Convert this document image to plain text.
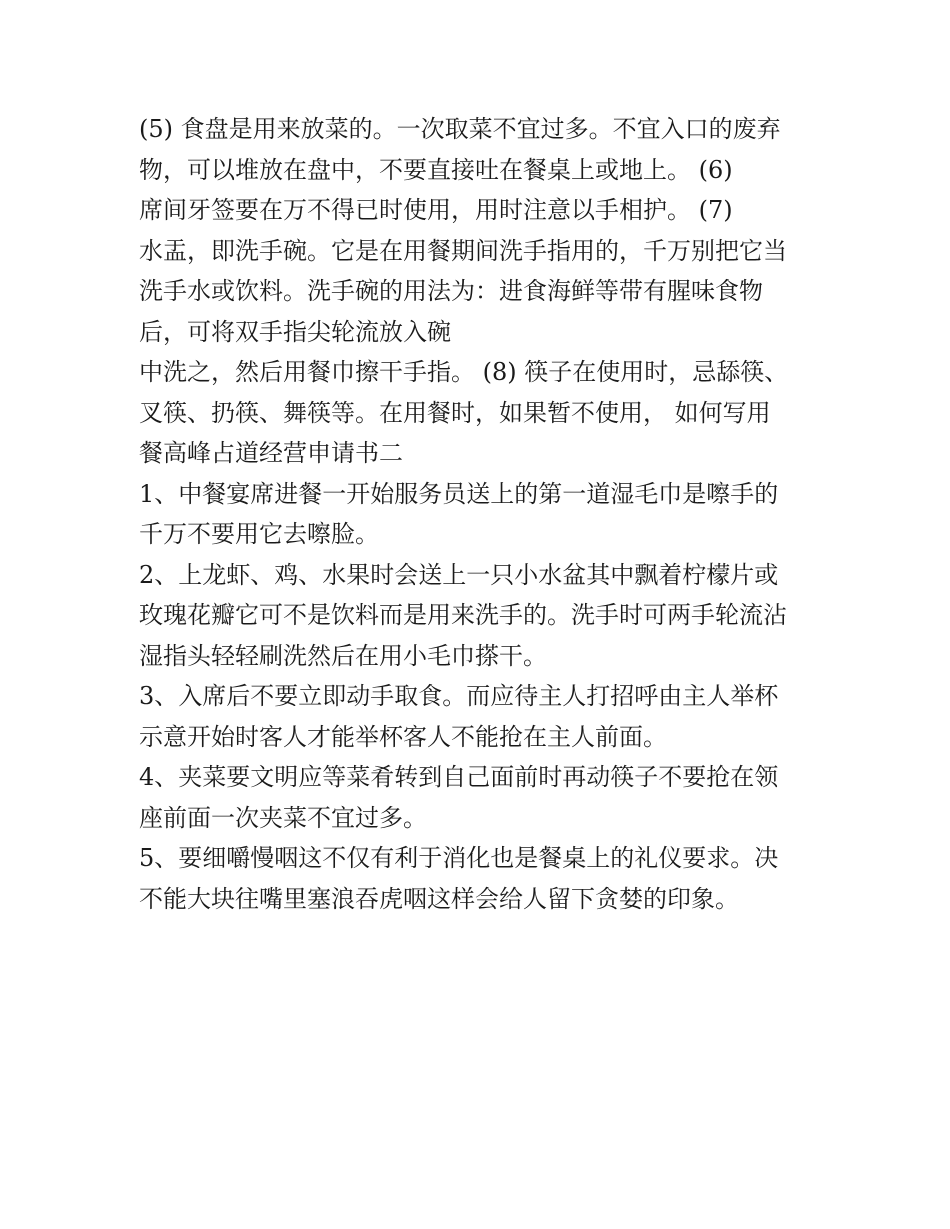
(5) 食盘是用来放菜的。一次取菜不宜过多。不宜入口的废弃
物，可以堆放在盘中，不要直接吐在餐桌上或地上。 (6)
席间牙签要在万不得已时使用，用时注意以手相护。 (7)
水盂，即洗手碗。它是在用餐期间洗手指用的，千万别把它当
洗手水或饮料。洗手碗的用法为：进食海鲜等带有腥味食物
后，可将双手指尖轮流放入碗
中洗之，然后用餐巾擦干手指。 (8) 筷子在使用时，忌舔筷、
叉筷、扔筷、舞筷等。在用餐时，如果暂不使用， 如何写用
餐高峰占道经营申请书二
1、中餐宴席进餐一开始服务员送上的第一道湿毛巾是嚓手的
千万不要用它去嚓脸。
2、上龙虾、鸡、水果时会送上一只小水盆其中飘着柠檬片或
玫瑰花瓣它可不是饮料而是用来洗手的。洗手时可两手轮流沾
湿指头轻轻刷洗然后在用小毛巾搽干。
3、入席后不要立即动手取食。而应待主人打招呼由主人举杯
示意开始时客人才能举杯客人不能抢在主人前面。
4、夹菜要文明应等菜肴转到自己面前时再动筷子不要抢在领
座前面一次夹菜不宜过多。
5、要细嚼慢咽这不仅有利于消化也是餐桌上的礼仪要求。决
不能大块往嘴里塞浪吞虎咽这样会给人留下贪婪的印象。
